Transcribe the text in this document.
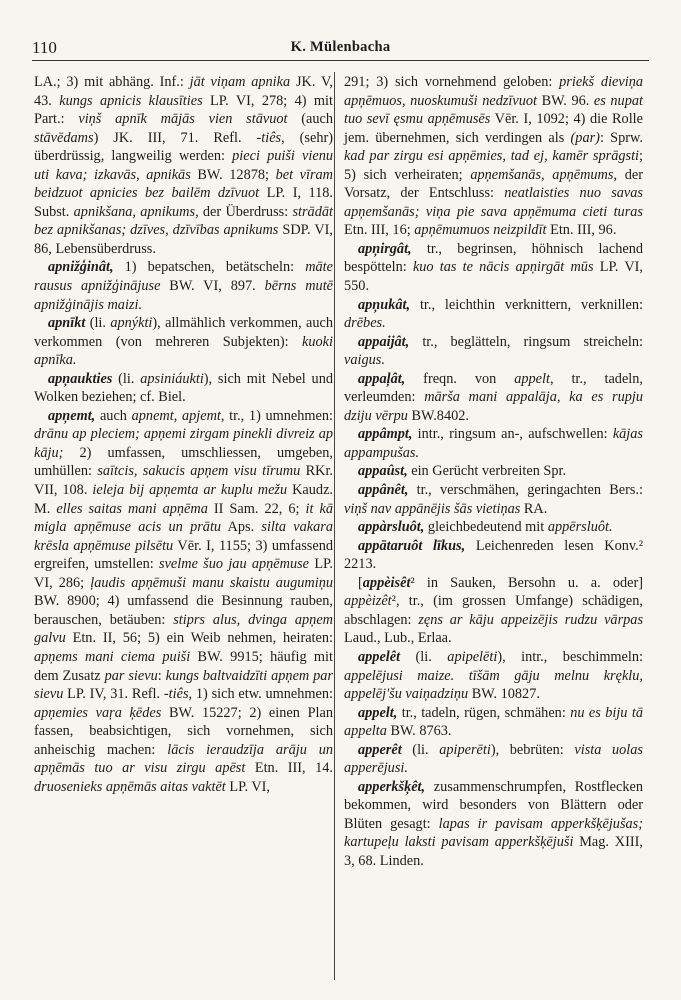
110	K. Mülenbacha

LA.; 3) mit abhäng. Inf.: jāt viņam apnika JK. V, 43. kungs apnicis klausīties LP. VI, 278; 4) mit Part.: viņš apnīk mājās vien stāvuot (auch stāvēdams) JK. III, 71. Refl. -tiês, (sehr) überdrüssig, langweilig werden: pieci puiši vienu uti kava; izkavās, apnikās BW. 12878; bet vīram beidzuot apnicies bez bailēm dzīvuot LP. I, 118. Subst. apnikšana, apnikums, der Überdruss: strādāt bez apnikšanas; dzīves, dzīvības apnikums SDP. VI, 86, Lebensüberdruss.

apnižģinât, 1) bepatschen, betätscheln: māte rausus apnižģinājuse BW. VI, 897. bērns mutē apnižģinājis maizi.

apnīkt (li. apnýkti), allmählich verkommen, auch verkommen (von mehreren Subjekten): kuoki apnīka.

apņaukties (li. apsiniáukti), sich mit Nebel und Wolken beziehen; cf. Biel.

apņemt, auch apnemt, apjemt, tr., 1) umnehmen: drānu ap pleciem; apņemi zirgam pinekli divreiz ap kāju; 2) umfassen, umschliessen, umgeben, umhüllen: saītcis, sakucis apņem visu tīrumu RKr. VII, 108. ieleja bij apņemta ar kuplu mežu Kaudz. M. elles saitas mani apņēma II Sam. 22, 6; it kā migla apņēmuse acis un prātu Aps. silta vakara krēsla apņēmuse pilsētu Vēr. I, 1155; 3) umfassend ergreifen, umstellen: svelme šuo jau apņēmuse LP. VI, 286; ļaudis apņēmuši manu skaistu augumiņu BW. 8900; 4) umfassend die Besinnung rauben, berauschen, betäuben: stiprs alus, dvinga apņem galvu Etn. II, 56; 5) ein Weib nehmen, heiraten: apņems mani ciema puiši BW. 9915; häufig mit dem Zusatz par sievu: kungs baltvaidzīti apņem par sievu LP. IV, 31. Refl. -tiês, 1) sich etw. umnehmen: apņemies vaŗa ķēdes BW. 15227; 2) einen Plan fassen, beabsichtigen, sich vornehmen, sich anheischig machen: lācis ieraudzīja arāju un apņēmās tuo ar visu zirgu apēst Etn. III, 14. druosenieks apņēmās aitas vaktēt LP. VI,

291; 3) sich vornehmend geloben: priekš dieviņa apņēmuos, nuoskumuši nedzīvuot BW. 96. es nupat tuo sevī ęsmu apņēmusēs Vēr. I, 1092; 4) die Rolle jem. übernehmen, sich verdingen als (par): Sprw. kad par zirgu esi apņēmies, tad ej, kamēr sprāgsti; 5) sich verheiraten; apņemšanās, apņēmums, der Vorsatz, der Entschluss: neatlaisties nuo savas apņemšanās; viņa pie sava apņēmuma cieti turas Etn. III, 16; apņēmumuos neizpildīt Etn. III, 96.

apņirgât, tr., begrinsen, höhnisch lachend bespötteln: kuo tas te nācis apņirgāt mūs LP. VI, 550.

apņukât, tr., leichthin verknittern, verknillen: drēbes.

appaijât, tr., beglätteln, ringsum streicheln: vaigus.

appaļât, freqn. von appelt, tr., tadeln, verleumden: mārša mani appalāja, ka es rupju dziju vērpu BW.8402.

appâmpt, intr., ringsum an-, aufschwellen: kājas appampušas.

appaûst, ein Gerücht verbreiten Spr.

appânêt, tr., verschmähen, geringachten Bers.: viņš nav appānējis šās vietiņas RA.

appàrsluôt, gleichbedeutend mit appērsluôt.

appātaruôt līkus, Leichenreden lesen Konv.² 2213.

[appèisêt² in Sauken, Bersohn u. a. oder] appèizêt², tr., (im grossen Umfange) schädigen, abschlagen: zęns ar kāju appeizējis rudzu vārpas Laud., Lub., Erlaa.

appelêt (li. apipelēti), intr., beschimmeln: appelējusi maize. tīšām gāju melnu kręklu, appelēj'šu vaiņadziņu BW. 10827.

appelt, tr., tadeln, rügen, schmähen: nu es biju tā appelta BW. 8763.

apperêt (li. apiperēti), bebrüten: vista uolas apperējusi.

apperkšķêt, zusammenschrumpfen, Rostflecken bekommen, wird besonders von Blättern oder Blüten gesagt: lapas ir pavisam apperkšķējušas; kartupeļu laksti pavisam apperkšķējuši Mag. XIII, 3, 68. Linden.
